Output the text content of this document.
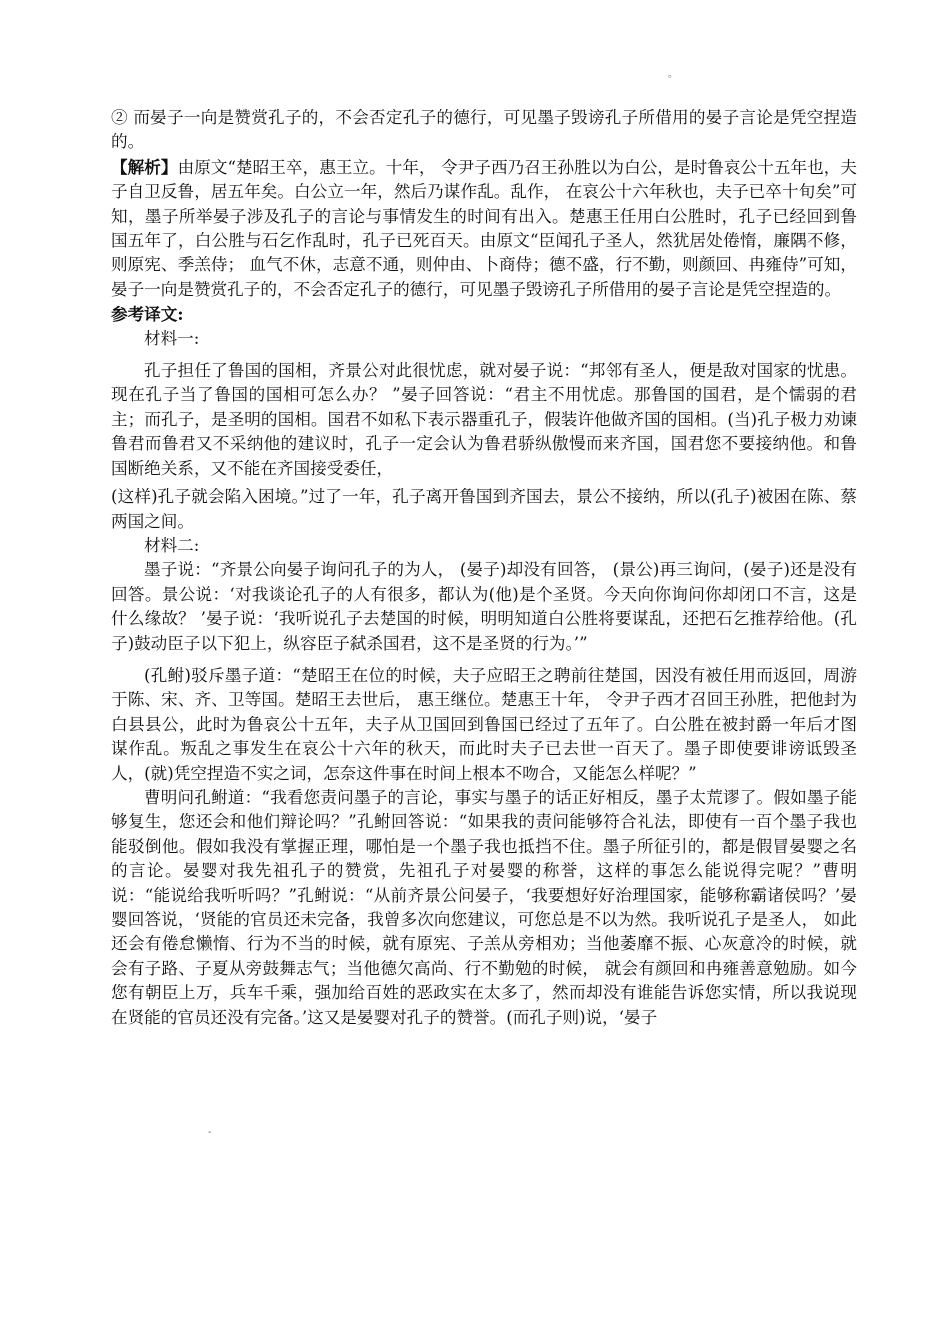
。

② 而晏子一向是赞赏孔子的，不会否定孔子的德行，可见墨子毁谤孔子所借用的晏子言论是凭空捏造的。

【解析】由原文“楚昭王卒，惠王立。十年， 令尹子西乃召王孙胜以为白公，是时鲁哀公十五年也，夫子自卫反鲁，居五年矣。白公立一年，然后乃谋作乱。乱作， 在哀公十六年秋也，夫子已卒十旬矣”可知，墨子所举晏子涉及孔子的言论与事情发生的时间有出入。楚惠王任用白公胜时，孔子已经回到鲁国五年了，白公胜与石乞作乱时，孔子已死百天。由原文“臣闻孔子圣人，然犹居处倦惰，廉隅不修，则原宪、季羔侍； 血气不休，志意不通，则仲由、卜商侍；德不盛，行不勤，则颜回、冉雍侍”可知，晏子一向是赞赏孔子的，不会否定孔子的德行，可见墨子毁谤孔子所借用的晏子言论是凭空捏造的。

参考译文:

材料一:

孔子担任了鲁国的国相，齐景公对此很忧虑，就对晏子说：“邦邻有圣人，便是敌对国家的忧患。现在孔子当了鲁国的国相可怎么办？ ”晏子回答说：“君主不用忧虑。那鲁国的国君，是个懦弱的君主；而孔子，是圣明的国相。国君不如私下表示器重孔子，假装许他做齐国的国相。(当)孔子极力劝谏鲁君而鲁君又不采纳他的建议时，孔子一定会认为鲁君骄纵傲慢而来齐国，国君您不要接纳他。和鲁国断绝关系，又不能在齐国接受委任，

(这样)孔子就会陷入困境。”过了一年，孔子离开鲁国到齐国去，景公不接纳，所以(孔子)被困在陈、蔡两国之间。

材料二:

墨子说：“齐景公向晏子询问孔子的为人， (晏子)却没有回答， (景公)再三询问，(晏子)还是没有回答。景公说：‘对我谈论孔子的人有很多，都认为(他)是个圣贤。今天向你询问你却闭口不言，这是什么缘故？ ’晏子说：‘我听说孔子去楚国的时候，明明知道白公胜将要谋乱，还把石乞推荐给他。(孔子)鼓动臣子以下犯上，纵容臣子弑杀国君，这不是圣贤的行为。’”

(孔鲋)驳斥墨子道：“楚昭王在位的时候，夫子应昭王之聘前往楚国，因没有被任用而返回，周游于陈、宋、齐、卫等国。楚昭王去世后， 惠王继位。楚惠王十年， 令尹子西才召回王孙胜，把他封为白县县公，此时为鲁哀公十五年，夫子从卫国回到鲁国已经过了五年了。白公胜在被封爵一年后才图谋作乱。叛乱之事发生在哀公十六年的秋天，而此时夫子已去世一百天了。墨子即使要诽谤诋毁圣人，(就)凭空捏造不实之词，怎奈这件事在时间上根本不吻合，又能怎么样呢？”

曹明问孔鲋道：“我看您责问墨子的言论，事实与墨子的话正好相反，墨子太荒谬了。假如墨子能够复生，您还会和他们辩论吗？”孔鲋回答说：“如果我的责问能够符合礼法，即使有一百个墨子我也能驳倒他。假如我没有掌握正理，哪怕是一个墨子我也抵挡不住。墨子所征引的，都是假冒晏婴之名的言论。晏婴对我先祖孔子的赞赏，先祖孔子对晏婴的称誉，这样的事怎么能说得完呢？”曹明说：“能说给我听听吗？”孔鲋说：“从前齐景公问晏子，‘我要想好好治理国家，能够称霸诸侯吗？’晏婴回答说，‘贤能的官员还未完备，我曾多次向您建议，可您总是不以为然。我听说孔子是圣人， 如此还会有倦怠懒惰、行为不当的时候，就有原宪、子羔从旁相劝；当他萎靡不振、心灰意冷的时候，就会有子路、子夏从旁鼓舞志气；当他德欠高尚、行不勤勉的时候， 就会有颜回和冉雍善意勉励。如今您有朝臣上万，兵车千乘，强加给百姓的恶政实在太多了，然而却没有谁能告诉您实情，所以我说现在贤能的官员还没有完备。’这又是晏婴对孔子的赞誉。(而孔子则)说，‘晏子

-
